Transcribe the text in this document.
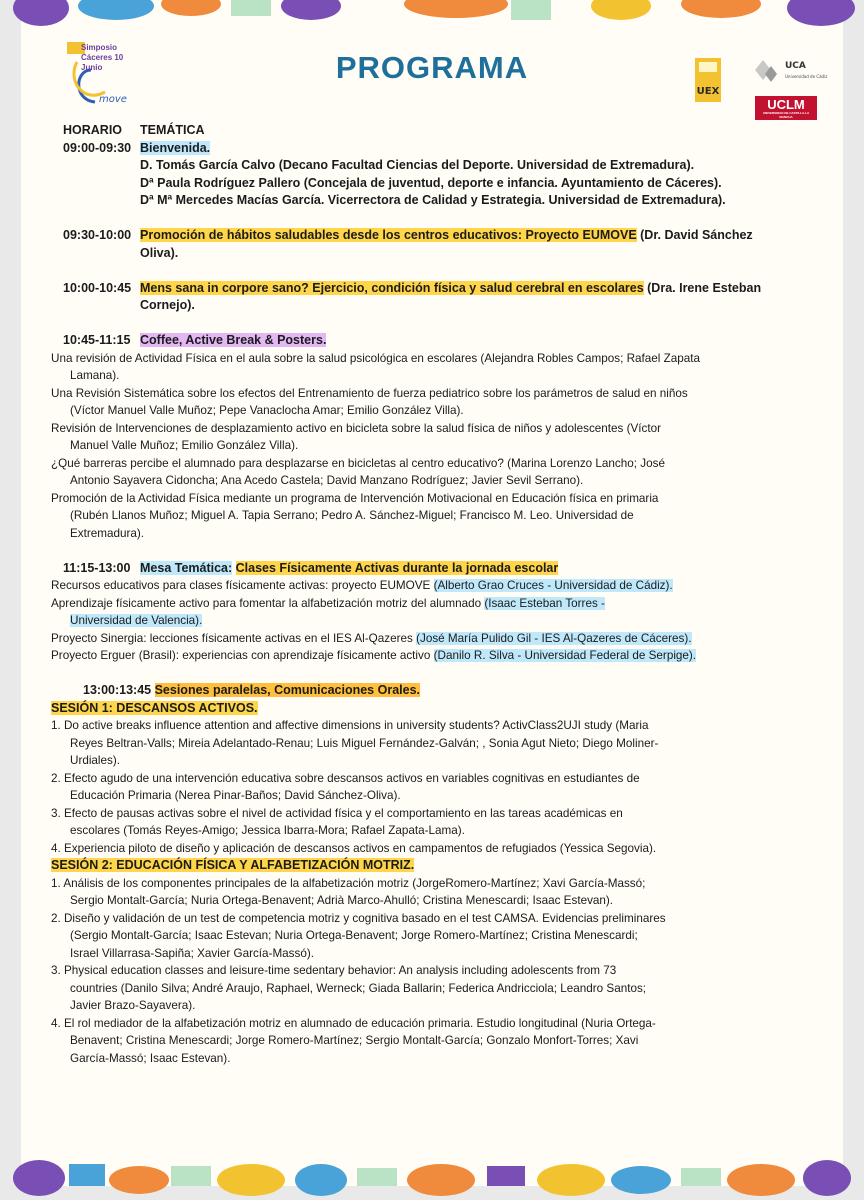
move
Simposio Cáceres 10 Junio	PROGRAMA
UEX
UCA
Universidad de Cádiz
UCLM
UNIVERSIDAD DE CASTILLA·LA MANCHA
HORARIO TEMÁTICA
09:00-09:30 Bienvenida.
D. Tomás García Calvo (Decano Facultad Ciencias del Deporte. Universidad de Extremadura).
Dª Paula Rodríguez Pallero (Concejala de juventud, deporte e infancia. Ayuntamiento de Cáceres).
Dª Mª Mercedes Macías García. Vicerrectora de Calidad y Estrategia. Universidad de Extremadura).
09:30-10:00 Promoción de hábitos saludables desde los centros educativos: Proyecto EUMOVE (Dr. David Sánchez
Oliva).
10:00-10:45 Mens sana in corpore sano? Ejercicio, condición física y salud cerebral en escolares (Dra. Irene Esteban
Cornejo).
10:45-11:15 Coffee, Active Break & Posters.
Una revisión de Actividad Física en el aula sobre la salud psicológica en escolares (Alejandra Robles Campos; Rafael Zapata
Lamana).
Una Revisión Sistemática sobre los efectos del Entrenamiento de fuerza pediatrico sobre los parámetros de salud en niños
(Víctor Manuel Valle Muñoz; Pepe Vanaclocha Amar; Emilio González Villa).
Revisión de Intervenciones de desplazamiento activo en bicicleta sobre la salud física de niños y adolescentes (Víctor
Manuel Valle Muñoz; Emilio González Villa).
¿Qué barreras percibe el alumnado para desplazarse en bicicletas al centro educativo? (Marina Lorenzo Lancho; José
Antonio Sayavera Cidoncha; Ana Acedo Castela; David Manzano Rodríguez; Javier Sevil Serrano).
Promoción de la Actividad Física mediante un programa de Intervención Motivacional en Educación física en primaria
(Rubén Llanos Muñoz; Miguel A. Tapia Serrano; Pedro A. Sánchez-Miguel; Francisco M. Leo. Universidad de
Extremadura).
11:15-13:00 Mesa Temática: Clases Físicamente Activas durante la jornada escolar
Recursos educativos para clases físicamente activas: proyecto EUMOVE (Alberto Grao Cruces - Universidad de Cádiz).
Aprendizaje físicamente activo para fomentar la alfabetización motriz del alumnado (Isaac Esteban Torres -
Universidad de Valencia).
Proyecto Sinergia: lecciones físicamente activas en el IES Al-Qazeres (José María Pulido Gil - IES Al-Qazeres de Cáceres).
Proyecto Erguer (Brasil): experiencias con aprendizaje físicamente activo (Danilo R. Silva - Universidad Federal de Serpige).
13:00:13:45 Sesiones paralelas, Comunicaciones Orales.
SESIÓN 1: DESCANSOS ACTIVOS.
1. Do active breaks influence attention and affective dimensions in university students? ActivClass2UJI study (Maria
Reyes Beltran-Valls; Mireia Adelantado-Renau; Luis Miguel Fernández-Galván; , Sonia Agut Nieto; Diego Moliner-
Urdiales).
2. Efecto agudo de una intervención educativa sobre descansos activos en variables cognitivas en estudiantes de
Educación Primaria (Nerea Pinar-Baños; David Sánchez-Oliva).
3. Efecto de pausas activas sobre el nivel de actividad física y el comportamiento en las tareas académicas en
escolares (Tomás Reyes-Amigo; Jessica Ibarra-Mora; Rafael Zapata-Lama).
4. Experiencia piloto de diseño y aplicación de descansos activos en campamentos de refugiados (Yessica Segovia).
SESIÓN 2: EDUCACIÓN FÍSICA Y ALFABETIZACIÓN MOTRIZ.
1. Análisis de los componentes principales de la alfabetización motriz (JorgeRomero-Martínez; Xavi García-Massó;
Sergio Montalt-García; Nuria Ortega-Benavent; Adrià Marco-Ahulló; Cristina Menescardi; Isaac Estevan).
2. Diseño y validación de un test de competencia motriz y cognitiva basado en el test CAMSA. Evidencias preliminares
(Sergio Montalt-García; Isaac Estevan; Nuria Ortega-Benavent; Jorge Romero-Martínez; Cristina Menescardi;
Israel Villarrasa-Sapiña; Xavier García-Massó).
3. Physical education classes and leisure-time sedentary behavior: An analysis including adolescents from 73
countries (Danilo Silva; André Araujo, Raphael, Werneck; Giada Ballarin; Federica Andricciola; Leandro Santos;
Javier Brazo-Sayavera).
4. El rol mediador de la alfabetización motriz en alumnado de educación primaria. Estudio longitudinal (Nuria Ortega-
Benavent; Cristina Menescardi; Jorge Romero-Martínez; Sergio Montalt-García; Gonzalo Monfort-Torres; Xavi
García-Massó; Isaac Estevan).
